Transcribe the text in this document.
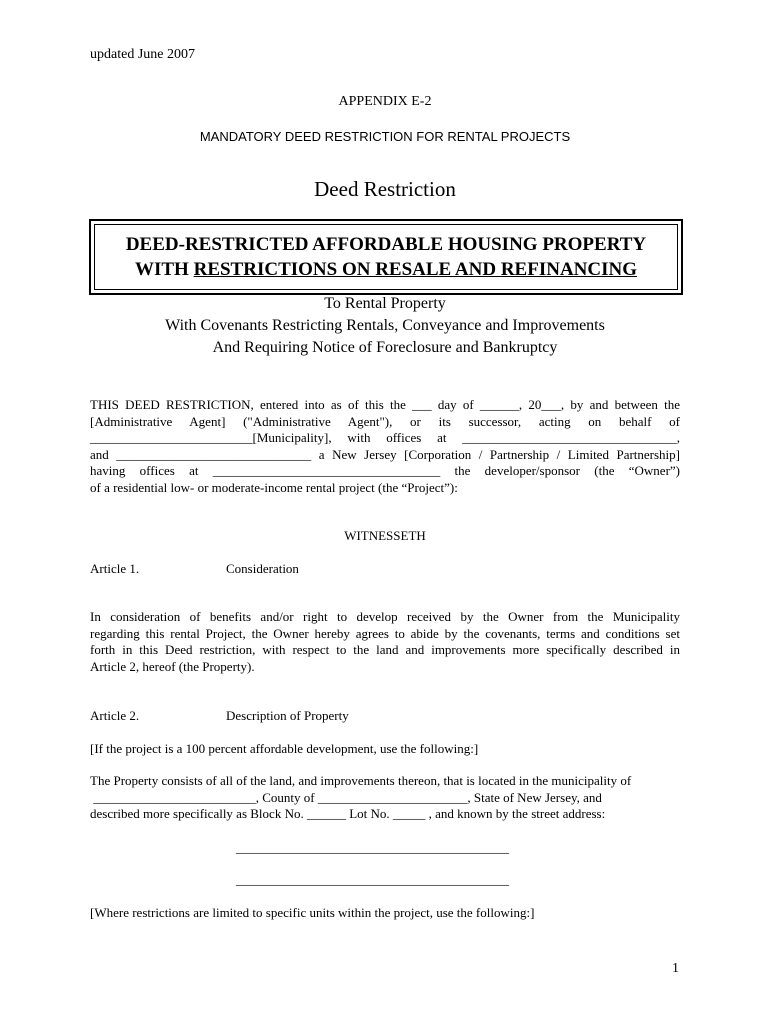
updated June 2007
APPENDIX E-2
MANDATORY DEED RESTRICTION FOR RENTAL PROJECTS
Deed Restriction
DEED-RESTRICTED AFFORDABLE HOUSING PROPERTY
WITH RESTRICTIONS ON RESALE AND REFINANCING
To Rental Property
With Covenants Restricting Rentals, Conveyance and Improvements
And Requiring Notice of Foreclosure and Bankruptcy
THIS DEED RESTRICTION, entered into as of this the ___ day of ______, 20___, by and between the
[Administrative Agent] ("Administrative Agent"), or its successor, acting on behalf of
_________________________[Municipality], with offices at _________________________________,
and ______________________________ a New Jersey [Corporation / Partnership / Limited Partnership]
having offices at ___________________________________ the developer/sponsor (the “Owner”)
of a residential low- or moderate-income rental project (the “Project”):
WITNESSETH
Article 1.	Consideration
In consideration of benefits and/or right to develop received by the Owner from the Municipality
regarding this rental Project, the Owner hereby agrees to abide by the covenants, terms and conditions set
forth in this Deed restriction, with respect to the land and improvements more specifically described in
Article 2, hereof (the Property).
Article 2.	Description of Property
[If the project is a 100 percent affordable development, use the following:]
The Property consists of all of the land, and improvements thereon, that is located in the municipality of
_________________________, County of _______________________, State of New Jersey, and
described more specifically as Block No. ______ Lot No. _____ , and known by the street address:
__________________________________________
__________________________________________
[Where restrictions are limited to specific units within the project, use the following:]
1
